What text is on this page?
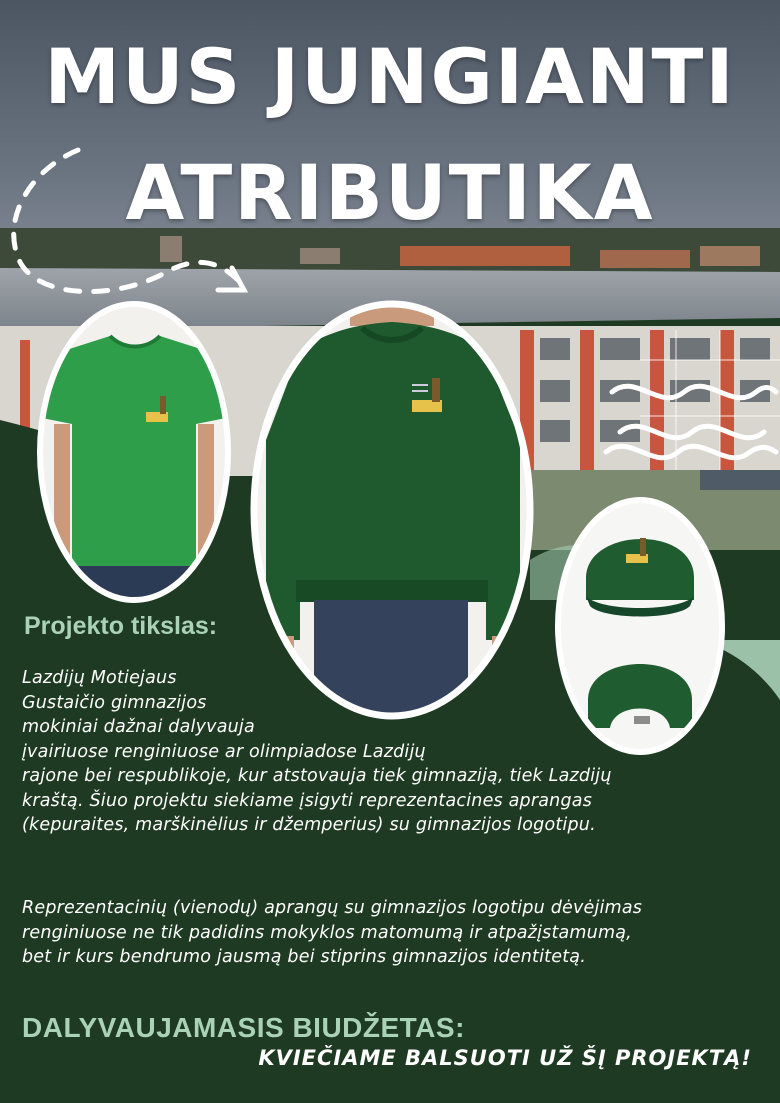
MUS JUNGIANTI
ATRIBUTIKA
Projekto tikslas:
Lazdijų Motiejaus
Gustaičio gimnazijos
mokiniai dažnai dalyvauja
įvairiuose renginiuose ar olimpiadose Lazdijų
rajone bei respublikoje, kur atstovauja tiek gimnaziją, tiek Lazdijų
kraštą. Šiuo projektu siekiame įsigyti reprezentacines aprangas
(kepuraites, marškinėlius ir džemperius) su gimnazijos logotipu.
Reprezentacinių (vienodų) aprangų su gimnazijos logotipu dėvėjimas
renginiuose ne tik padidins mokyklos matomumą ir atpažįstamumą,
bet ir kurs bendrumo jausmą bei stiprins gimnazijos identitetą.
DALYVAUJAMASIS BIUDŽETAS:
KVIEČIAME BALSUOTI UŽ ŠĮ PROJEKTĄ!
